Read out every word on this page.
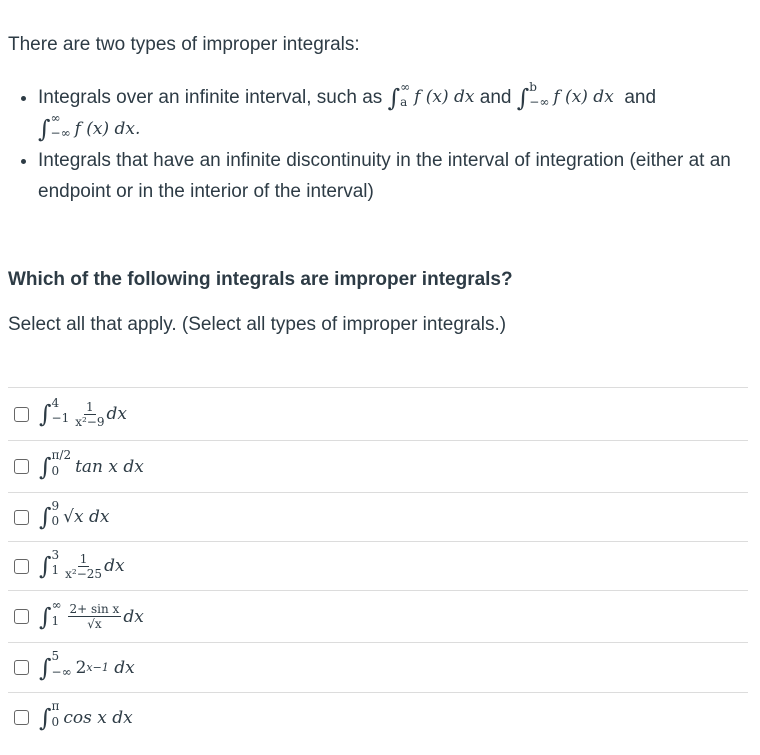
There are two types of improper integrals:

• Integrals over an infinite interval, such as ∫ ∞
a f (x) dx and ∫ b
−∞ f (x) dx and

∫ ∞
−∞ f (x) dx.
• Integrals that have an infinite discontinuity in the interval of integration (either at an endpoint or in the interior of the interval)

Which of the following integrals are improper integrals?

Select all that apply. (Select all types of improper integrals.)

∫ 4
$-1 \frac{1}{\text{x²−9}}$ dx
∫ π/2
0 tan x dx
∫ 9
0 √x dx
∫ 3
$1 \frac{1}{\text{x²−25}}$ dx
∫ ∞
$1 \frac{\text{2+ sin x}}{√x}$ dx
∫ 5
−∞ 2 x−1
dx
∫ π
0 cos x dx
